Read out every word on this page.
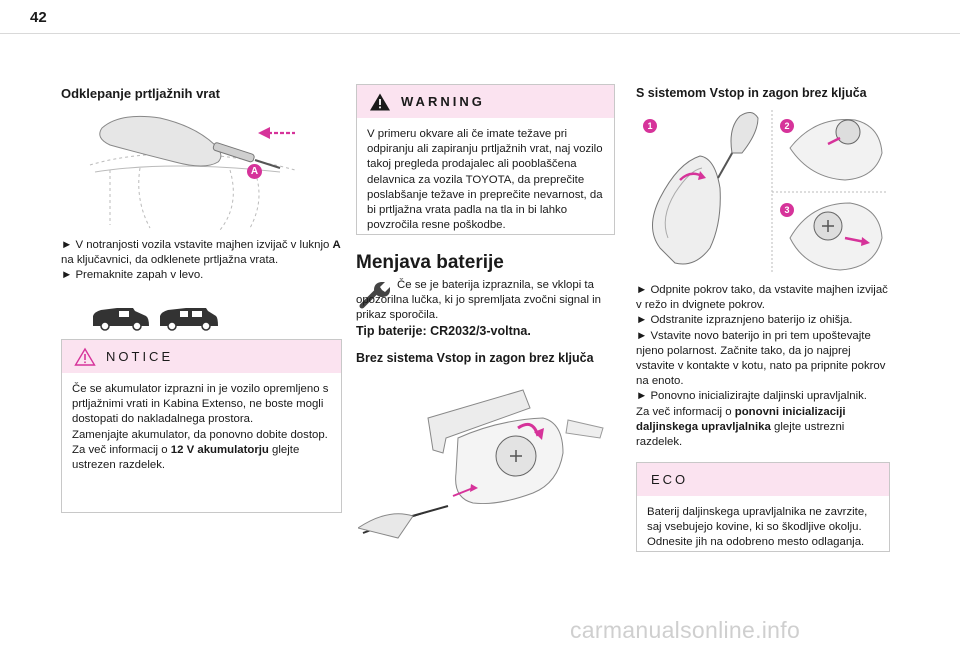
42
Odklepanje prtljažnih vrat
A

► V notranjosti vozila vstavite majhen izvijač v luknjo A na ključavnici, da odklenete prtljažna vrata.

► Premaknite zapah v levo.

NOTICE

Če se akumulator izprazni in je vozilo opremljeno s prtljažnimi vrati in Kabina Extenso, ne boste mogli dostopati do nakladalnega prostora.

Zamenjajte akumulator, da ponovno dobite dostop.

Za več informacij o 12 V akumulatorju glejte ustrezen razdelek.

WARNING

V primeru okvare ali če imate težave pri odpiranju ali zapiranju prtljažnih vrat, naj vozilo takoj pregleda prodajalec ali pooblaščena delavnica za vozila TOYOTA, da preprečite poslabšanje težave in preprečite nevarnost, da bi prtljažna vrata padla na tla in bi lahko povzročila resne poškodbe.

Menjava baterije
Če se je baterija izpraznila, se vklopi ta opozorilna lučka, ki jo spremljata zvočni signal in prikaz sporočila.
Tip baterije: CR2032/3-voltna.
Brez sistema Vstop in zagon brez ključa
S sistemom Vstop in zagon brez ključa
1	2
3

► Odpnite pokrov tako, da vstavite majhen izvijač v režo in dvignete pokrov.

► Odstranite izpraznjeno baterijo iz ohišja.

► Vstavite novo baterijo in pri tem upoštevajte njeno polarnost. Začnite tako, da jo najprej vstavite v kontakte v kotu, nato pa pripnite pokrov na enoto.

► Ponovno inicializirajte daljinski upravljalnik.

Za več informacij o ponovni inicializaciji daljinskega upravljalnika glejte ustrezni razdelek.

ECO

Baterij daljinskega upravljalnika ne zavrzite, saj vsebujejo kovine, ki so škodljive okolju. Odnesite jih na odobreno mesto odlaganja.

carmanualsonline.info
